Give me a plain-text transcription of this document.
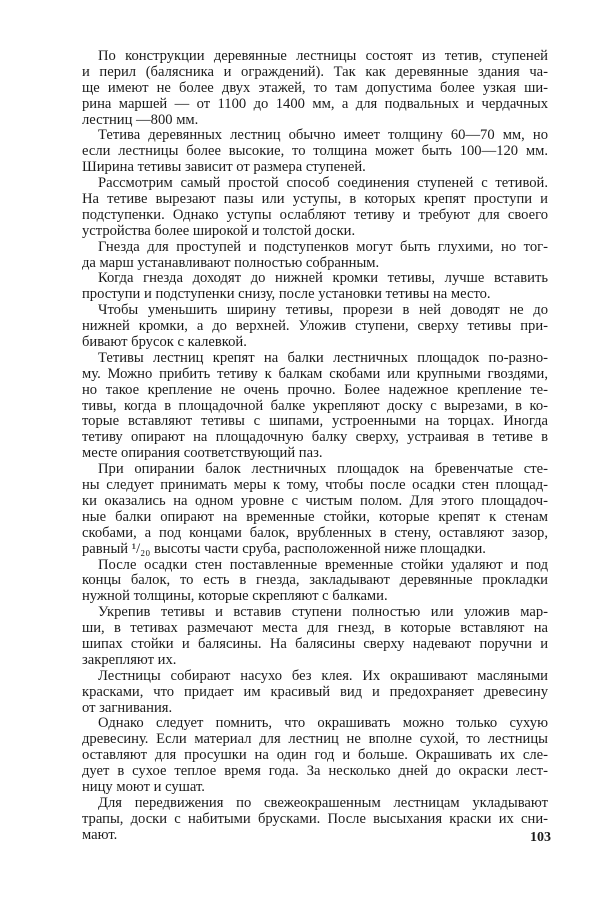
По конструкции деревянные лестницы состоят из тетив, ступеней
и перил (балясника и ограждений). Так как деревянные здания ча-
ще имеют не более двух этажей, то там допустима более узкая ши-
рина маршей — от 1100 до 1400 мм, а для подвальных и чердачных
лестниц —800 мм.
Тетива деревянных лестниц обычно имеет толщину 60—70 мм, но
если лестницы более высокие, то толщина может быть 100—120 мм.
Ширина тетивы зависит от размера ступеней.
Рассмотрим самый простой способ соединения ступеней с тетивой.
На тетиве вырезают пазы или уступы, в которых крепят проступи и
подступенки. Однако уступы ослабляют тетиву и требуют для своего
устройства более широкой и толстой доски.
Гнезда для проступей и подступенков могут быть глухими, но тог-
да марш устанавливают полностью собранным.
Когда гнезда доходят до нижней кромки тетивы, лучше вставить
проступи и подступенки снизу, после установки тетивы на место.
Чтобы уменьшить ширину тетивы, прорези в ней доводят не до
нижней кромки, а до верхней. Уложив ступени, сверху тетивы при-
бивают брусок с калевкой.
Тетивы лестниц крепят на балки лестничных площадок по-разно-
му. Можно прибить тетиву к балкам скобами или крупными гвоздями,
но такое крепление не очень прочно. Более надежное крепление те-
тивы, когда в площадочной балке укрепляют доску с вырезами, в ко-
торые вставляют тетивы с шипами, устроенными на торцах. Иногда
тетиву опирают на площадочную балку сверху, устраивая в тетиве в
месте опирания соответствующий паз.
При опирании балок лестничных площадок на бревенчатые сте-
ны следует принимать меры к тому, чтобы после осадки стен площад-
ки оказались на одном уровне с чистым полом. Для этого площадоч-
ные балки опирают на временные стойки, которые крепят к стенам
скобами, а под концами балок, врубленных в стену, оставляют зазор,
равный ¹/₂₀ высоты части сруба, расположенной ниже площадки.
После осадки стен поставленные временные стойки удаляют и под
концы балок, то есть в гнезда, закладывают деревянные прокладки
нужной толщины, которые скрепляют с балками.
Укрепив тетивы и вставив ступени полностью или уложив мар-
ши, в тетивах размечают места для гнезд, в которые вставляют на
шипах стойки и балясины. На балясины сверху надевают поручни и
закрепляют их.
Лестницы собирают насухо без клея. Их окрашивают масляными
красками, что придает им красивый вид и предохраняет древесину
от загнивания.
Однако следует помнить, что окрашивать можно только сухую
древесину. Если материал для лестниц не вполне сухой, то лестницы
оставляют для просушки на один год и больше. Окрашивать их сле-
дует в сухое теплое время года. За несколько дней до окраски лест-
ницу моют и сушат.
Для передвижения по свежеокрашенным лестницам укладывают
трапы, доски с набитыми брусками. После высыхания краски их сни-
мают.	103
